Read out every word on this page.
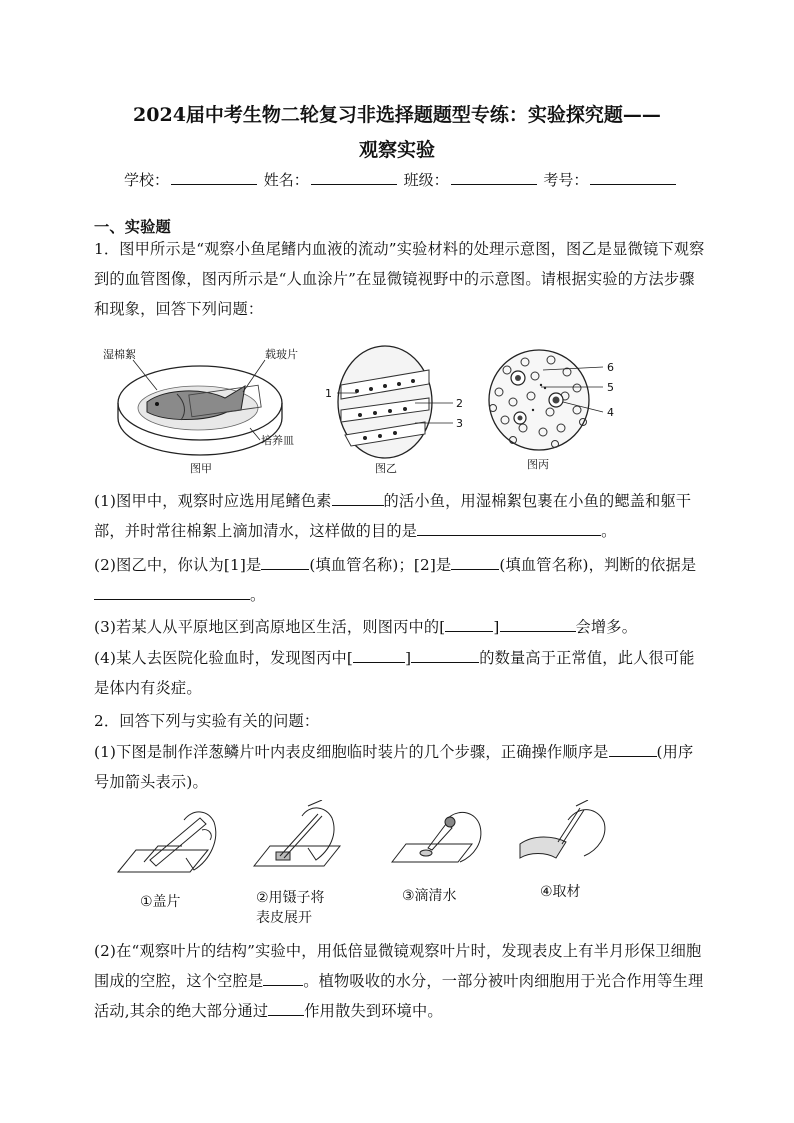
2024届中考生物二轮复习非选择题题型专练：实验探究题——
观察实验
学校：	姓名：	班级：	考号：
一、实验题
1．图甲所示是“观察小鱼尾鳍内血液的流动”实验材料的处理示意图，图乙是显微镜下观察到的血管图像，图丙所示是“人血涂片”在显微镜视野中的示意图。请根据实验的方法步骤和现象，回答下列问题：
湿棉絮	载玻片
培养皿
图甲
1
2
3
图乙
6
5
4
图丙
(1)图甲中，观察时应选用尾鳍色素	的活小鱼，用湿棉絮包裹在小鱼的鳃盖和躯干部，并时常往棉絮上滴加清水，这样做的目的是	。
(2)图乙中，你认为[1]是	(填血管名称)；[2]是	(填血管名称)，判断的依据是。
(3)若某人从平原地区到高原地区生活，则图丙中的[	]	会增多。
(4)某人去医院化验血时，发现图丙中[	]	的数量高于正常值，此人很可能是体内有炎症。
2．回答下列与实验有关的问题：
(1)下图是制作洋葱鳞片叶内表皮细胞临时装片的几个步骤，正确操作顺序是	(用序号加箭头表示)。
①盖片	②用镊子将
表皮展开
③滴清水	④取材
(2)在“观察叶片的结构”实验中，用低倍显微镜观察叶片时，发现表皮上有半月形保卫细胞围成的空腔，这个空腔是	。植物吸收的水分，一部分被叶肉细胞用于光合作用等生理活动,其余的绝大部分通过 作用散失到环境中。
